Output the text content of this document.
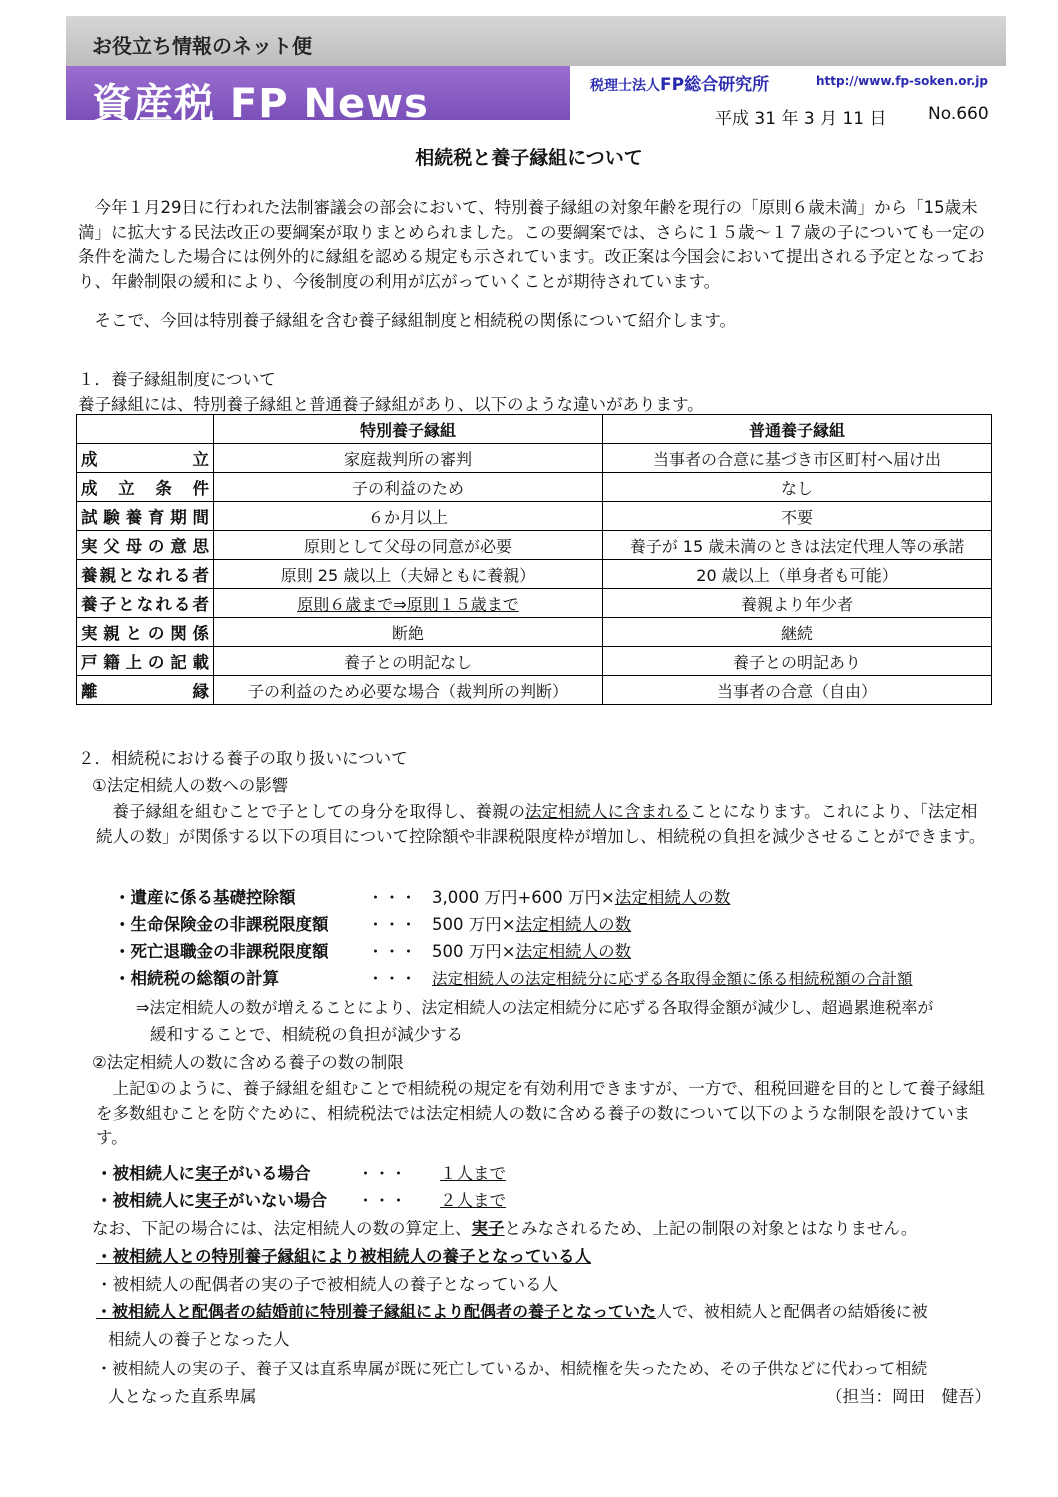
お役立ち情報のネット便
資産税 FP News	税理士法人FP総合研究所	http://www.fp-soken.or.jp
平成 31 年 3 月 11 日 No.660
相続税と養子縁組について
今年１月29日に行われた法制審議会の部会において、特別養子縁組の対象年齢を現行の「原則６歳未満」から「15歳未満」に拡大する民法改正の要綱案が取りまとめられました。この要綱案では、さらに１５歳～１７歳の子についても一定の条件を満たした場合には例外的に縁組を認める規定も示されています。改正案は今国会において提出される予定となっており、年齢制限の緩和により、今後制度の利用が広がっていくことが期待されています。
そこで、今回は特別養子縁組を含む養子縁組制度と相続税の関係について紹介します。
１．養子縁組制度について
養子縁組には、特別養子縁組と普通養子縁組があり、以下のような違いがあります。
	特別養子縁組	普通養子縁組
成　　立	家庭裁判所の審判	当事者の合意に基づき市区町村へ届け出
成立条件	子の利益のため	なし
試験養育期間	６か月以上	不要
実父母の意思	原則として父母の同意が必要	養子が 15 歳未満のときは法定代理人等の承諾
養親となれる者	原則 25 歳以上（夫婦ともに養親）	20 歳以上（単身者も可能）
養子となれる者	原則６歳まで⇒原則１５歳まで	養親より年少者
実親との関係	断絶	継続
戸籍上の記載	養子との明記なし	養子との明記あり
離　　縁	子の利益のため必要な場合（裁判所の判断）	当事者の合意（自由）
２．相続税における養子の取り扱いについて
①法定相続人の数への影響
養子縁組を組むことで子としての身分を取得し、養親の法定相続人に含まれることになります。これにより、「法定相続人の数」が関係する以下の項目について控除額や非課税限度枠が増加し、相続税の負担を減少させることができます。
・遺産に係る基礎控除額	・・・ 3,000 万円+600 万円×法定相続人の数
・生命保険金の非課税限度額 ・・・ 500 万円×法定相続人の数
・死亡退職金の非課税限度額 ・・・ 500 万円×法定相続人の数
・相続税の総額の計算	・・・ 法定相続人の法定相続分に応ずる各取得金額に係る相続税額の合計額
⇒法定相続人の数が増えることにより、法定相続人の法定相続分に応ずる各取得金額が減少し、超過累進税率が
緩和することで、相続税の負担が減少する
②法定相続人の数に含める養子の数の制限
上記①のように、養子縁組を組むことで相続税の規定を有効利用できますが、一方で、租税回避を目的として養子縁組を多数組むことを防ぐために、相続税法では法定相続人の数に含める養子の数について以下のような制限を設けています。
・被相続人に実子がいる場合	・・・ １人まで
・被相続人に実子がいない場合 ・・・ ２人まで
なお、下記の場合には、法定相続人の数の算定上、実子とみなされるため、上記の制限の対象とはなりません。
・被相続人との特別養子縁組により被相続人の養子となっている人
・被相続人の配偶者の実の子で被相続人の養子となっている人
・被相続人と配偶者の結婚前に特別養子縁組により配偶者の養子となっていた人で、被相続人と配偶者の結婚後に被
相続人の養子となった人
・被相続人の実の子、養子又は直系卑属が既に死亡しているか、相続権を失ったため、その子供などに代わって相続
人となった直系卑属	（担当：岡田　健吾）
